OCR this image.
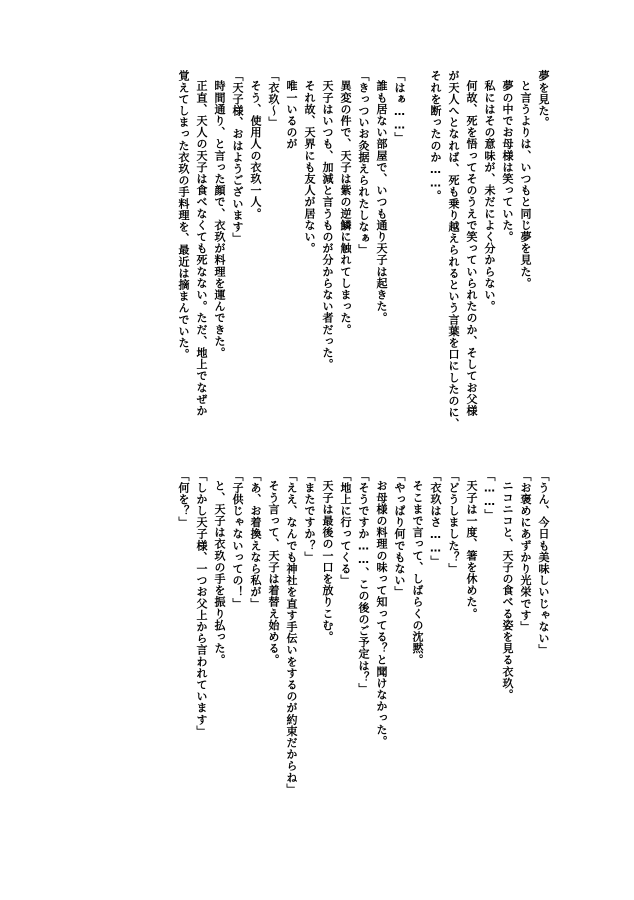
夢を見た。
と言うよりは、いつもと同じ夢を見た。
夢の中でお母様は笑っていた。
私にはその意味が、未だによく分からない。
何故、死を悟ってそのうえで笑っていられたのか、そしてお父様
が天人へとなれば、死も乗り越えられるという言葉を口にしたのに、
それを断ったのか……。
「はぁ……」
誰も居ない部屋で、いつも通り天子は起きた。
「きっついお灸据えられたしなぁ」
異変の件で、天子は紫の逆鱗に触れてしまった。
天子はいつも、加減と言うものが分からない者だった。
それ故、天界にも友人が居ない。
唯一いるのが
「衣玖～」
そう、使用人の衣玖一人。
「天子様、おはようございます」
時間通り、と言った顔で、衣玖が料理を運んできた。
正直、天人の天子は食べなくても死なない。ただ、地上でなぜか
覚えてしまった衣玖の手料理を、最近は摘まんでいた。
「うん、今日も美味しいじゃない」
「お褒めにあずかり光栄です」
ニコニコと、天子の食べる姿を見る衣玖。
「……」
天子は一度、箸を休めた。
「どうしました？」
「衣玖はさ……」
そこまで言って、しばらくの沈黙。
「やっぱり何でもない」
お母様の料理の味って知ってる？と聞けなかった。
「そうですか……、この後のご予定は？」
「地上に行ってくる」
天子は最後の一口を放りこむ。
「またですか？」
「ええ、なんでも神社を直す手伝いをするのが約束だからね」
そう言って、天子は着替え始める。
「あ、お着換えなら私が」
「子供じゃないっての！」
と、天子は衣玖の手を振り払った。
「しかし天子様、一つお父上から言われています」
「何を？」
